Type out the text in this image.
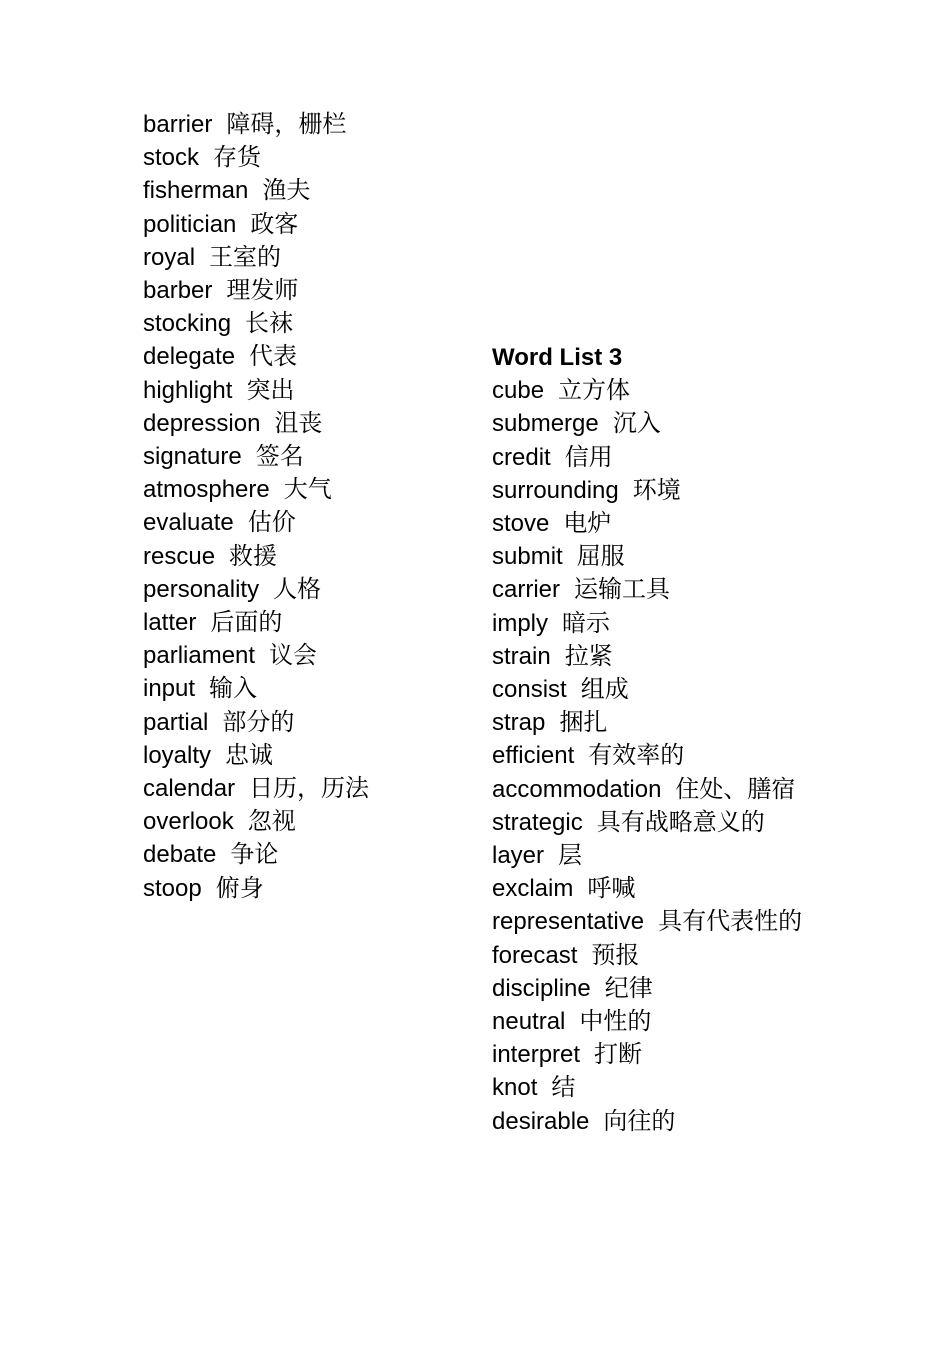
barrier 障碍，栅栏
stock 存货
fisherman 渔夫
politician 政客
royal 王室的
barber 理发师
stocking 长袜
delegate 代表
highlight 突出
depression 沮丧
signature 签名
atmosphere 大气
evaluate 估价
rescue 救援
personality 人格
latter 后面的
parliament 议会
input 输入
partial 部分的
loyalty 忠诚
calendar 日历，历法
overlook 忽视
debate 争论
stoop 俯身
Word List 3
cube 立方体
submerge 沉入
credit 信用
surrounding 环境
stove 电炉
submit 屈服
carrier 运输工具
imply 暗示
strain 拉紧
consist 组成
strap 捆扎
efficient 有效率的
accommodation 住处、膳宿
strategic 具有战略意义的
layer 层
exclaim 呼喊
representative 具有代表性的
forecast 预报
discipline 纪律
neutral 中性的
interpret 打断
knot 结
desirable 向往的
